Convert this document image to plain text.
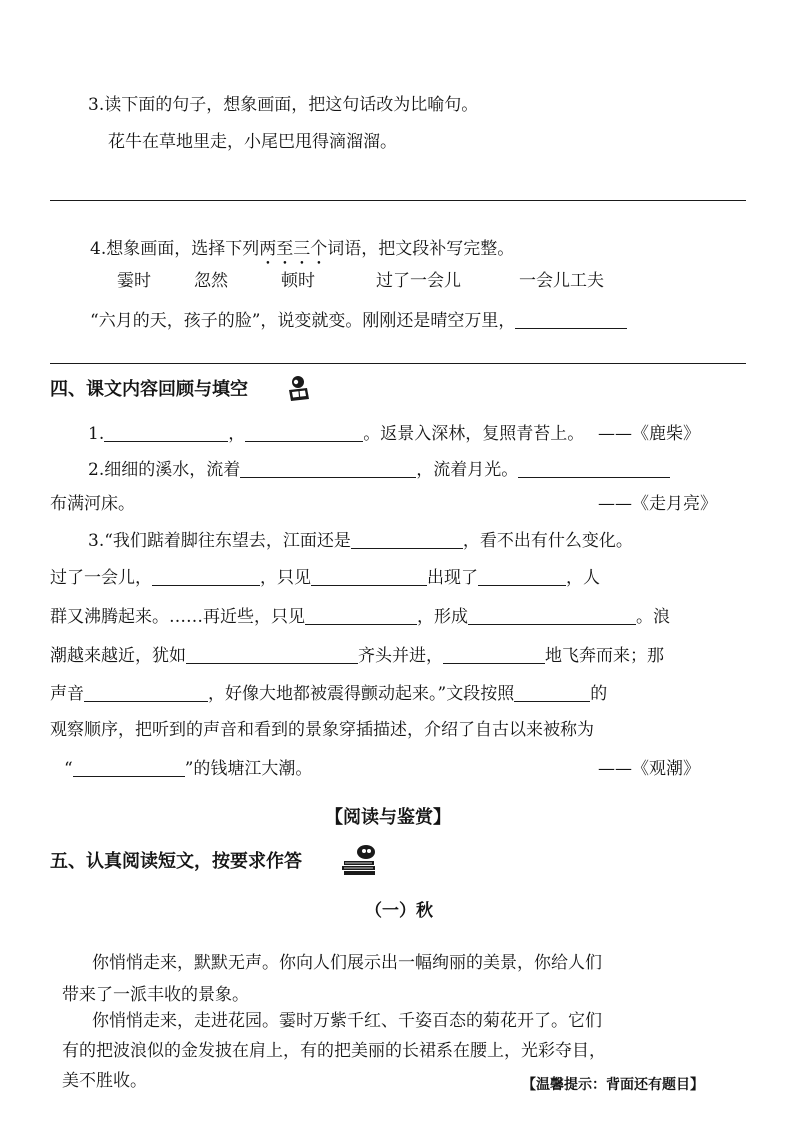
3.读下面的句子，想象画面，把这句话改为比喻句。
花牛在草地里走，小尾巴甩得滴溜溜。
4.想象画面，选择下列两至三个词语，把文段补写完整。
霎时	忽然	顿时	过了一会儿	一会儿工夫
“六月的天，孩子的脸”，说变就变。刚刚还是晴空万里，
四、课文内容回顾与填空
1.	，	。返景入深林，复照青苔上。 ——《鹿柴》
2.细细的溪水，流着	，流着月光。
布满河床。	——《走月亮》
3.“我们踮着脚往东望去，江面还是	，看不出有什么变化。
过了一会儿，	，只见	出现了	，人
群又沸腾起来。……再近些，只见	，形成	。浪
潮越来越近，犹如	齐头并进，	地飞奔而来；那
声音	，好像大地都被震得颤动起来。”文段按照	的
观察顺序，把听到的声音和看到的景象穿插描述，介绍了自古以来被称为
“	”的钱塘江大潮。	——《观潮》
【阅读与鉴赏】
五、认真阅读短文，按要求作答
（一）秋
你悄悄走来，默默无声。你向人们展示出一幅绚丽的美景，你给人们
带来了一派丰收的景象。
你悄悄走来，走进花园。霎时万紫千红、千姿百态的菊花开了。它们
有的把波浪似的金发披在肩上，有的把美丽的长裙系在腰上，光彩夺目，
美不胜收。	【温馨提示：背面还有题目】
